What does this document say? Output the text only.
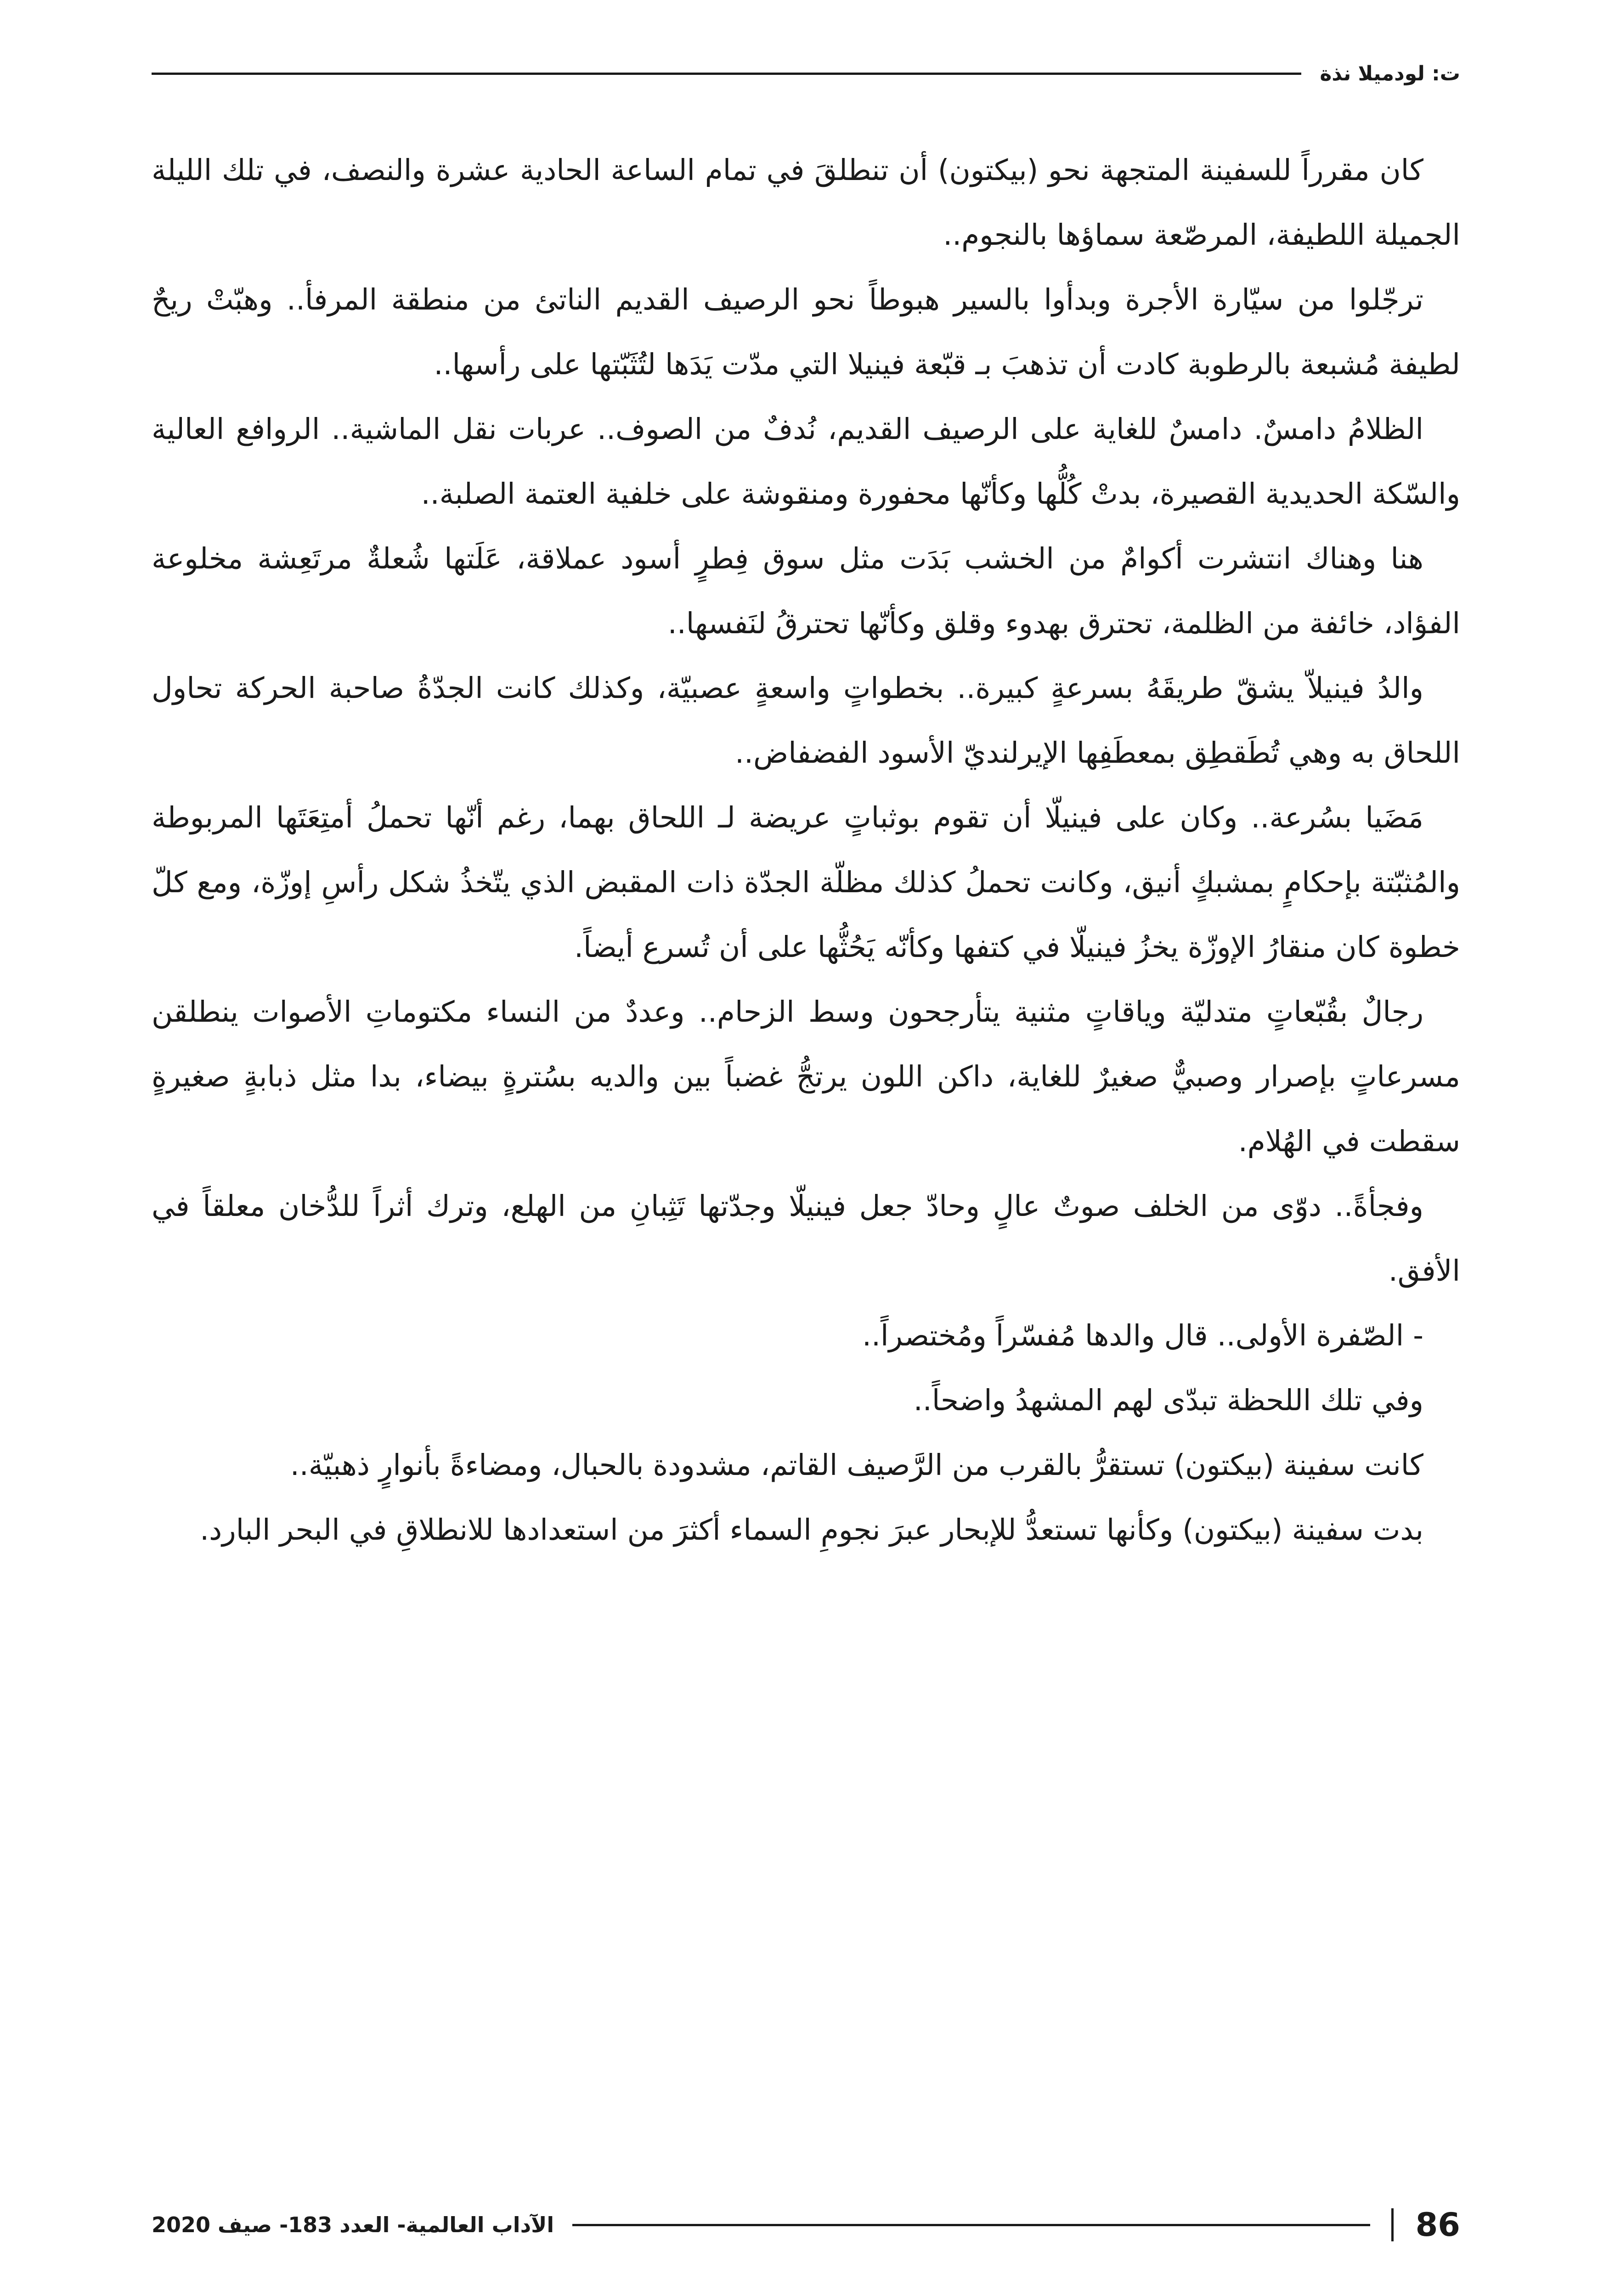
ت: لودميلا نذة

كان مقرراً للسفينة المتجهة نحو (بيكتون) أن تنطلقَ في تمام الساعة الحادية عشرة والنصف، في تلك الليلة الجميلة اللطيفة، المرصّعة سماؤها بالنجوم..

ترجّلوا من سيّارة الأجرة وبدأوا بالسير هبوطاً نحو الرصيف القديم الناتئ من منطقة المرفأ.. وهبّتْ ريحٌ لطيفة مُشبعة بالرطوبة كادت أن تذهبَ بـ قبّعة فينيلا التي مدّت يَدَها لتُثَبّتها على رأسها..

الظلامُ دامسٌ. دامسٌ للغاية على الرصيف القديم، نُدفٌ من الصوف.. عربات نقل الماشية.. الروافع العالية والسّكة الحديدية القصيرة، بدتْ كُلُّها وكأنّها محفورة ومنقوشة على خلفية العتمة الصلبة..

هنا وهناك انتشرت أكوامٌ من الخشب بَدَت مثل سوق فِطرٍ أسود عملاقة، عَلَتها شُعلةٌ مرتَعِشة مخلوعة الفؤاد، خائفة من الظلمة، تحترق بهدوء وقلق وكأنّها تحترقُ لنَفسها..

والدُ فينيلاّ يشقّ طريقَهُ بسرعةٍ كبيرة.. بخطواتٍ واسعةٍ عصبيّة، وكذلك كانت الجدّةُ صاحبة الحركة تحاول اللحاق به وهي تُطَقطِق بمعطَفِها الإيرلنديّ الأسود الفضفاض..

مَضَيا بسُرعة.. وكان على فينيلّا أن تقوم بوثباتٍ عريضة لـ اللحاق بهما، رغم أنّها تحملُ أمتِعَتَها المربوطة والمُثبّتة بإحكامٍ بمشبكٍ أنيق، وكانت تحملُ كذلك مظلّة الجدّة ذات المقبض الذي يتّخذُ شكل رأسِ إوزّة، ومع كلّ خطوة كان منقارُ الإوزّة يخزُ فينيلّا في كتفها وكأنّه يَحُثُّها على أن تُسرع أيضاً.

رجالٌ بقُبّعاتٍ متدليّة وياقاتٍ مثنية يتأرجحون وسط الزحام.. وعددٌ من النساء مكتوماتِ الأصوات ينطلقن مسرعاتٍ بإصرار وصبيٌّ صغيرٌ للغاية، داكن اللون يرتجُّ غضباً بين والديه بسُترةٍ بيضاء، بدا مثل ذبابةٍ صغيرةٍ سقطت في الهُلام.

وفجأةً.. دوّى من الخلف صوتٌ عالٍ وحادّ جعل فينيلّا وجدّتها تَثِبانِ من الهلع، وترك أثراً للدُّخان معلقاً في الأفق.

- الصّفرة الأولى.. قال والدها مُفسّراً ومُختصراً..

وفي تلك اللحظة تبدّى لهم المشهدُ واضحاً..

كانت سفينة (بيكتون) تستقرُّ بالقرب من الرَّصيف القاتم، مشدودة بالحبال، ومضاءةً بأنوارٍ ذهبيّة..

بدت سفينة (بيكتون) وكأنها تستعدُّ للإبحار عبرَ نجومِ السماء أكثرَ من استعدادها للانطلاقِ في البحر البارد.

86
الآداب العالمية- العدد 183- صيف 2020
